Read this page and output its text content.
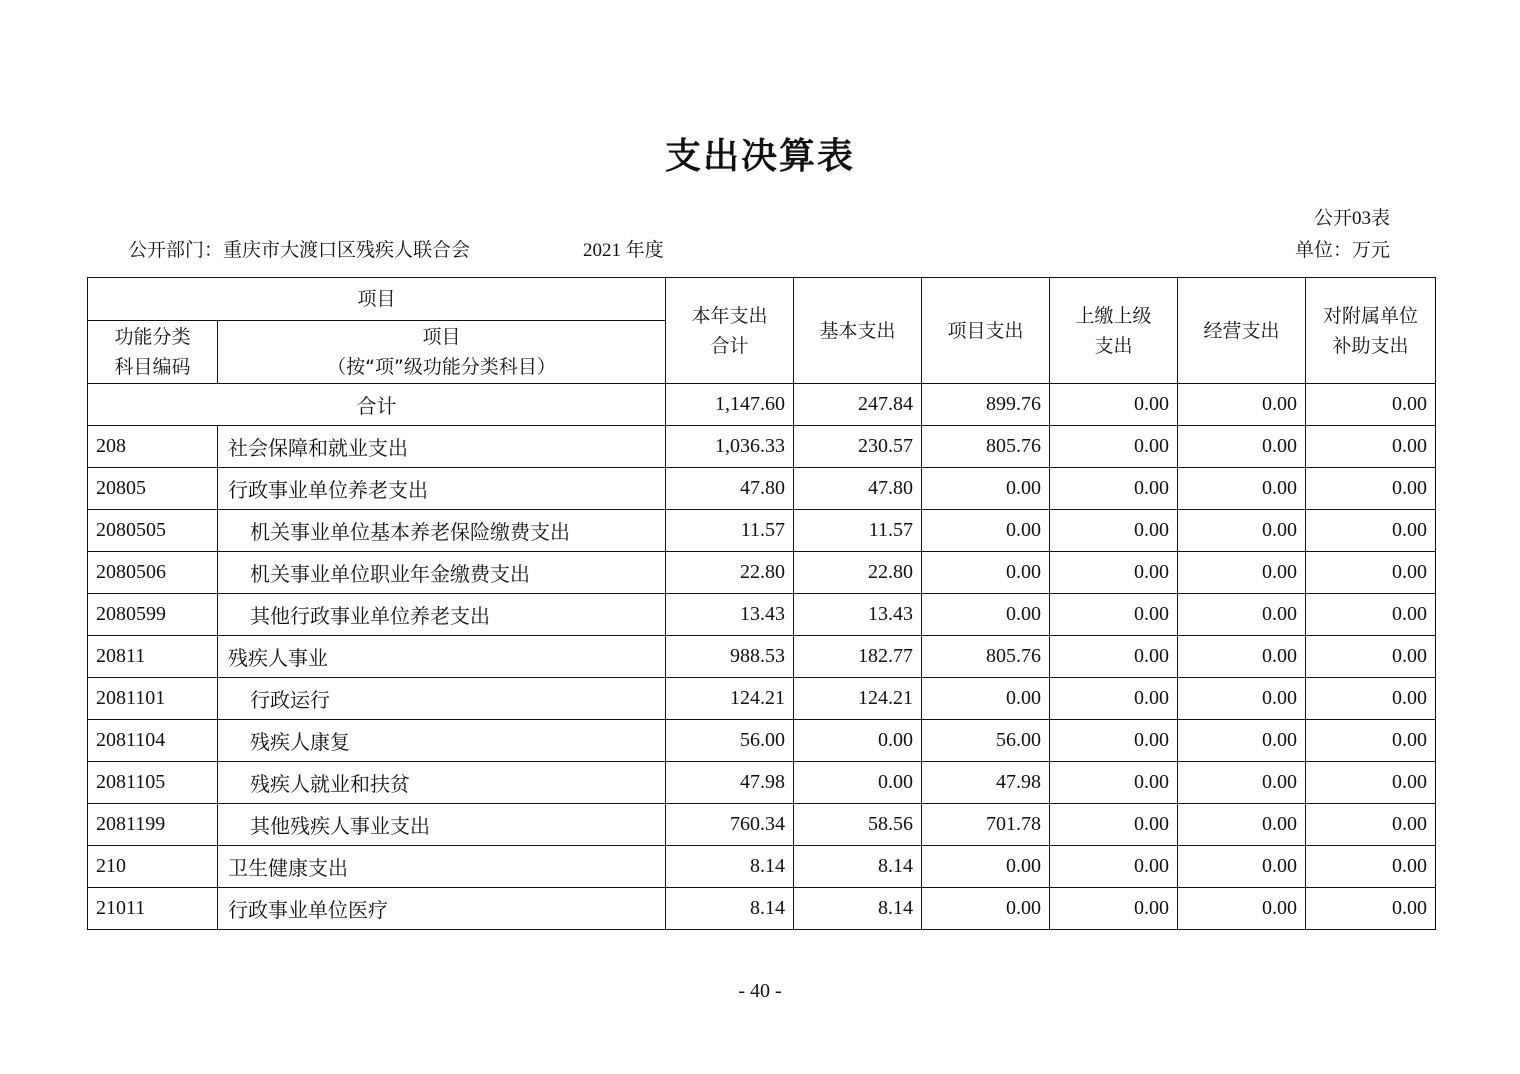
支出决算表
公开03表
公开部门：重庆市大渡口区残疾人联合会	2021 年度	单位：万元
项目		本年支出合计	基本支出	项目支出	上缴上级支出	经营支出	对附属单位补助支出

功能分类科目编码	项目
（按“项”级功能分类科目）						

合计		1,147.60	247.84	899.76	0.00	0.00	0.00
208	社会保障和就业支出	1,036.33	230.57	805.76	0.00	0.00	0.00
20805	行政事业单位养老支出	47.80	47.80	0.00	0.00	0.00	0.00
2080505	机关事业单位基本养老保险缴费支出	11.57	11.57	0.00	0.00	0.00	0.00
2080506	机关事业单位职业年金缴费支出	22.80	22.80	0.00	0.00	0.00	0.00
2080599	其他行政事业单位养老支出	13.43	13.43	0.00	0.00	0.00	0.00
20811	残疾人事业	988.53	182.77	805.76	0.00	0.00	0.00
2081101	行政运行	124.21	124.21	0.00	0.00	0.00	0.00
2081104	残疾人康复	56.00	0.00	56.00	0.00	0.00	0.00
2081105	残疾人就业和扶贫	47.98	0.00	47.98	0.00	0.00	0.00
2081199	其他残疾人事业支出	760.34	58.56	701.78	0.00	0.00	0.00
210	卫生健康支出	8.14	8.14	0.00	0.00	0.00	0.00
21011	行政事业单位医疗	8.14	8.14	0.00	0.00	0.00	0.00
- 40 -
